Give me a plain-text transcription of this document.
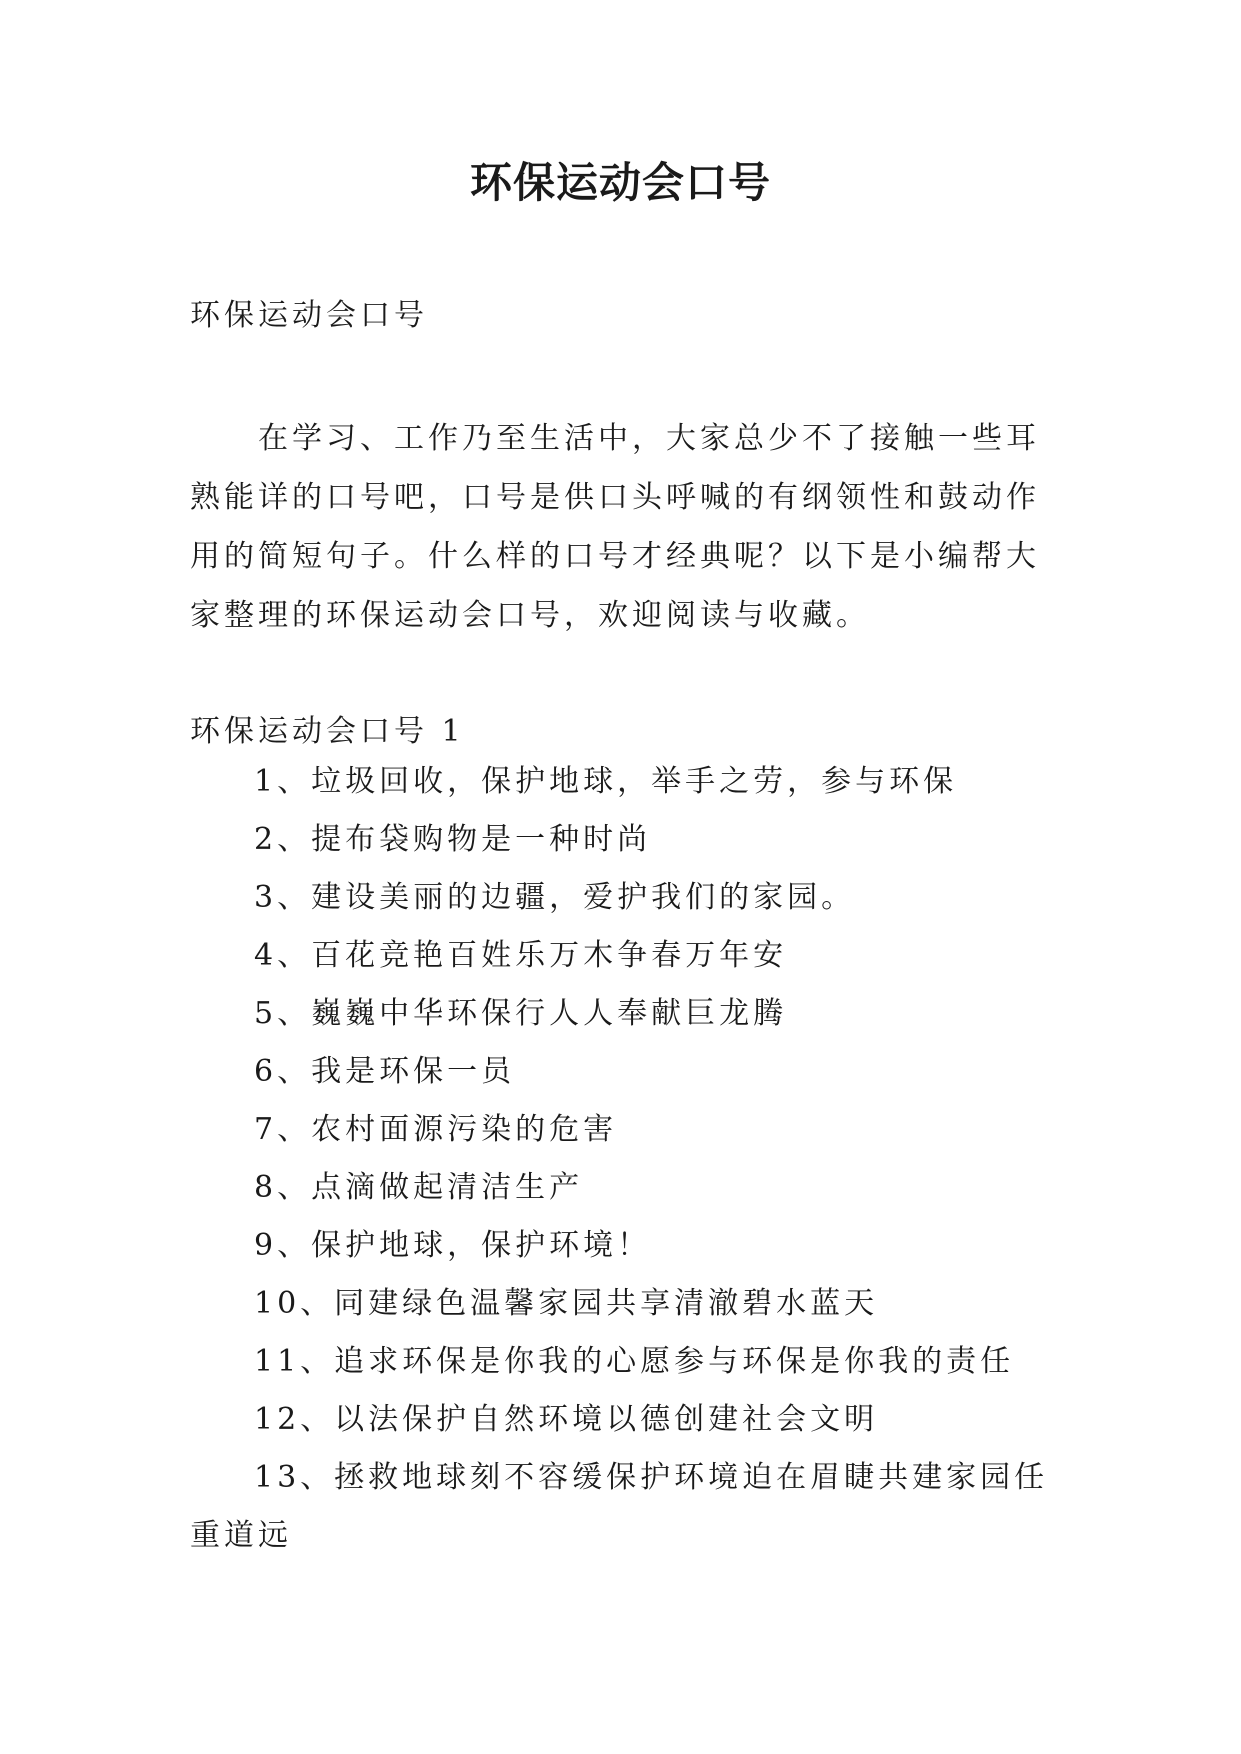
环保运动会口号
环保运动会口号
在学习、工作乃至生活中，大家总少不了接触一些耳熟能详的口号吧，口号是供口头呼喊的有纲领性和鼓动作用的简短句子。什么样的口号才经典呢？以下是小编帮大家整理的环保运动会口号，欢迎阅读与收藏。
环保运动会口号 1
1、垃圾回收，保护地球，举手之劳，参与环保
2、提布袋购物是一种时尚
3、建设美丽的边疆，爱护我们的家园。
4、百花竞艳百姓乐万木争春万年安
5、巍巍中华环保行人人奉献巨龙腾
6、我是环保一员
7、农村面源污染的危害
8、点滴做起清洁生产
9、保护地球，保护环境！
10、同建绿色温馨家园共享清澈碧水蓝天
11、追求环保是你我的心愿参与环保是你我的责任
12、以法保护自然环境以德创建社会文明
13、拯救地球刻不容缓保护环境迫在眉睫共建家园任重道远
